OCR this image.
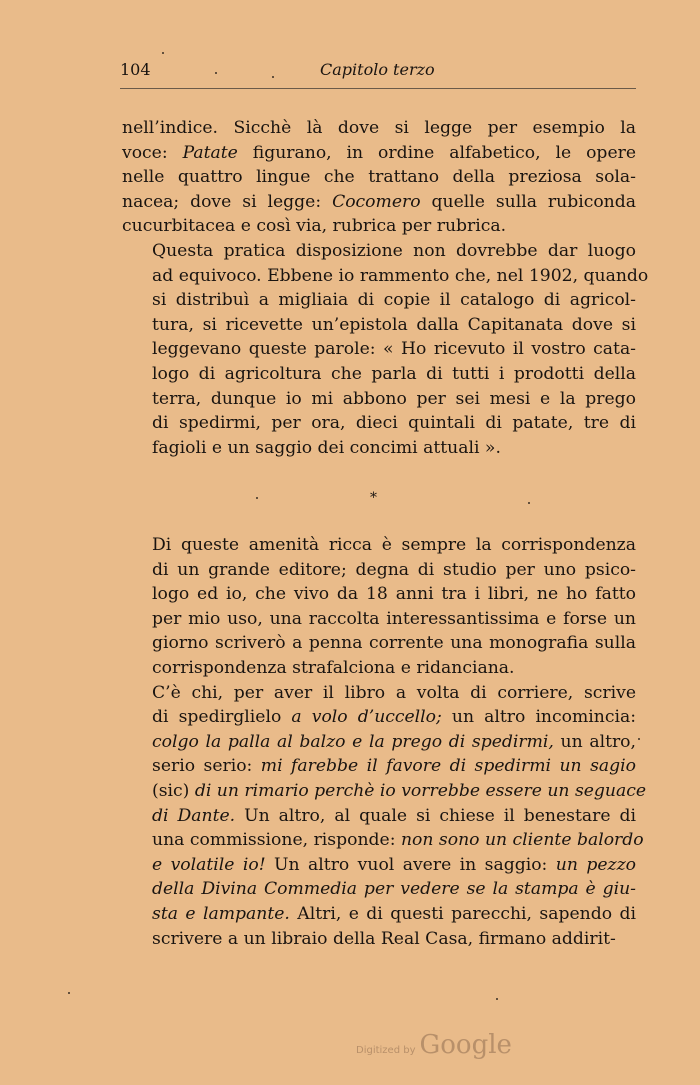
104	Capitolo terzo
nell’indice. Sicchè là dove si legge per esempio la
voce: Patate figurano, in ordine alfabetico, le opere
nelle quattro lingue che trattano della preziosa sola-
nacea; dove si legge: Cocomero quelle sulla rubiconda
cucurbitacea e così via, rubrica per rubrica.
Questa pratica disposizione non dovrebbe dar luogo
ad equivoco. Ebbene io rammento che, nel 1902, quando
si distribuì a migliaia di copie il catalogo di agricol-
tura, si ricevette un’epistola dalla Capitanata dove si
leggevano queste parole: « Ho ricevuto il vostro cata-
logo di agricoltura che parla di tutti i prodotti della
terra, dunque io mi abbono per sei mesi e la prego
di spedirmi, per ora, dieci quintali di patate, tre di
fagioli e un saggio dei concimi attuali ».
*
Di queste amenità ricca è sempre la corrispondenza
di un grande editore; degna di studio per uno psico-
logo ed io, che vivo da 18 anni tra i libri, ne ho fatto
per mio uso, una raccolta interessantissima e forse un
giorno scriverò a penna corrente una monografia sulla
corrispondenza strafalciona e ridanciana.
C’è chi, per aver il libro a volta di corriere, scrive
di spedirglielo a volo d’uccello; un altro incomincia:
colgo la palla al balzo e la prego di spedirmi, un altro,
serio serio: mi farebbe il favore di spedirmi un sagio
(sic) di un rimario perchè io vorrebbe essere un seguace
di Dante. Un altro, al quale si chiese il benestare di
una commissione, risponde: non sono un cliente balordo
e volatile io! Un altro vuol avere in saggio: un pezzo
della Divina Commedia per vedere se la stampa è giu-
sta e lampante. Altri, e di questi parecchi, sapendo di
scrivere a un libraio della Real Casa, firmano addirit-
Digitized by Google
